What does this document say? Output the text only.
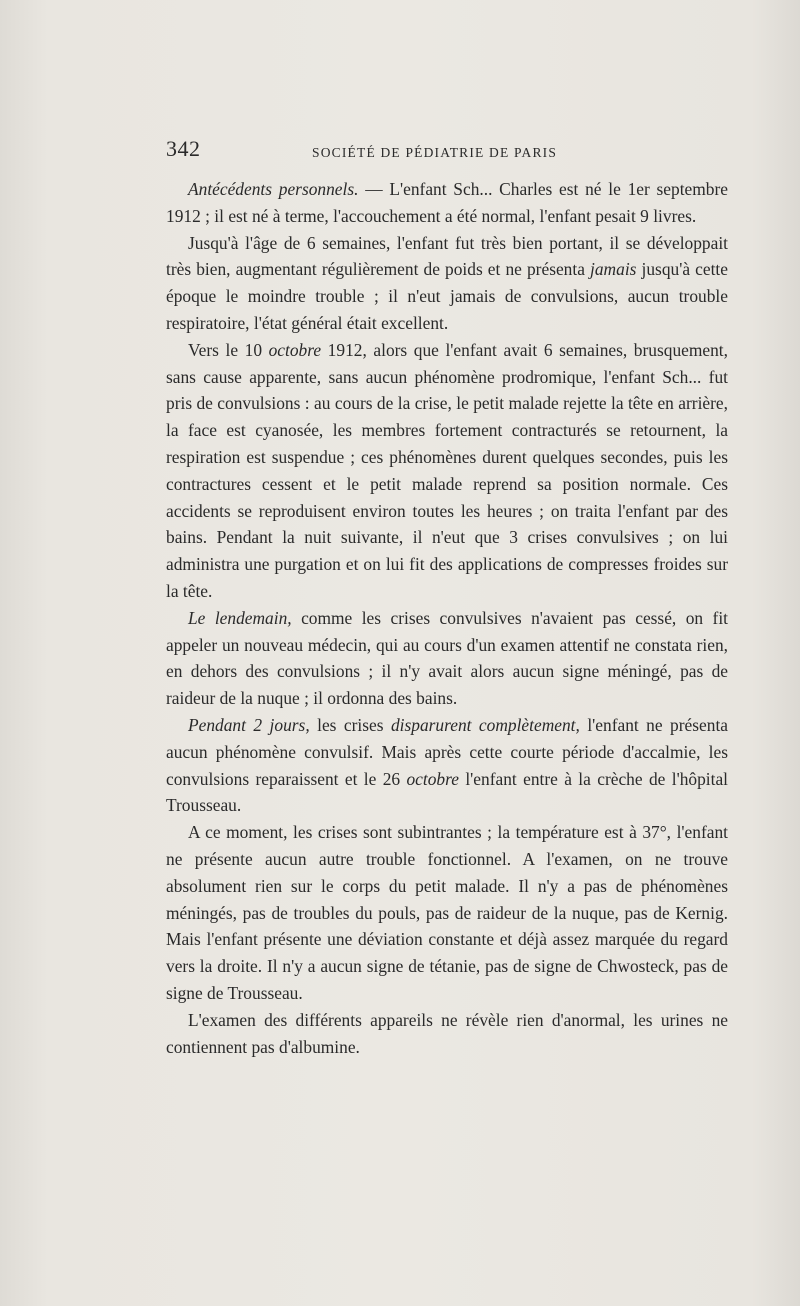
342	SOCIÉTÉ DE PÉDIATRIE DE PARIS

Antécédents personnels. — L'enfant Sch... Charles est né le 1er septembre 1912 ; il est né à terme, l'accouchement a été normal, l'enfant pesait 9 livres.

Jusqu'à l'âge de 6 semaines, l'enfant fut très bien portant, il se développait très bien, augmentant régulièrement de poids et ne présenta jamais jusqu'à cette époque le moindre trouble ; il n'eut jamais de convulsions, aucun trouble respiratoire, l'état général était excellent.

Vers le 10 octobre 1912, alors que l'enfant avait 6 semaines, brusquement, sans cause apparente, sans aucun phénomène prodromique, l'enfant Sch... fut pris de convulsions : au cours de la crise, le petit malade rejette la tête en arrière, la face est cyanosée, les membres fortement contracturés se retournent, la respiration est suspendue ; ces phénomènes durent quelques secondes, puis les contractures cessent et le petit malade reprend sa position normale. Ces accidents se reproduisent environ toutes les heures ; on traita l'enfant par des bains. Pendant la nuit suivante, il n'eut que 3 crises convulsives ; on lui administra une purgation et on lui fit des applications de compresses froides sur la tête.

Le lendemain, comme les crises convulsives n'avaient pas cessé, on fit appeler un nouveau médecin, qui au cours d'un examen attentif ne constata rien, en dehors des convulsions ; il n'y avait alors aucun signe méningé, pas de raideur de la nuque ; il ordonna des bains.

Pendant 2 jours, les crises disparurent complètement, l'enfant ne présenta aucun phénomène convulsif. Mais après cette courte période d'accalmie, les convulsions reparaissent et le 26 octobre l'enfant entre à la crèche de l'hôpital Trousseau.

A ce moment, les crises sont subintrantes ; la température est à 37°, l'enfant ne présente aucun autre trouble fonctionnel. A l'examen, on ne trouve absolument rien sur le corps du petit malade. Il n'y a pas de phénomènes méningés, pas de troubles du pouls, pas de raideur de la nuque, pas de Kernig. Mais l'enfant présente une déviation constante et déjà assez marquée du regard vers la droite. Il n'y a aucun signe de tétanie, pas de signe de Chwosteck, pas de signe de Trousseau.

L'examen des différents appareils ne révèle rien d'anormal, les urines ne contiennent pas d'albumine.
